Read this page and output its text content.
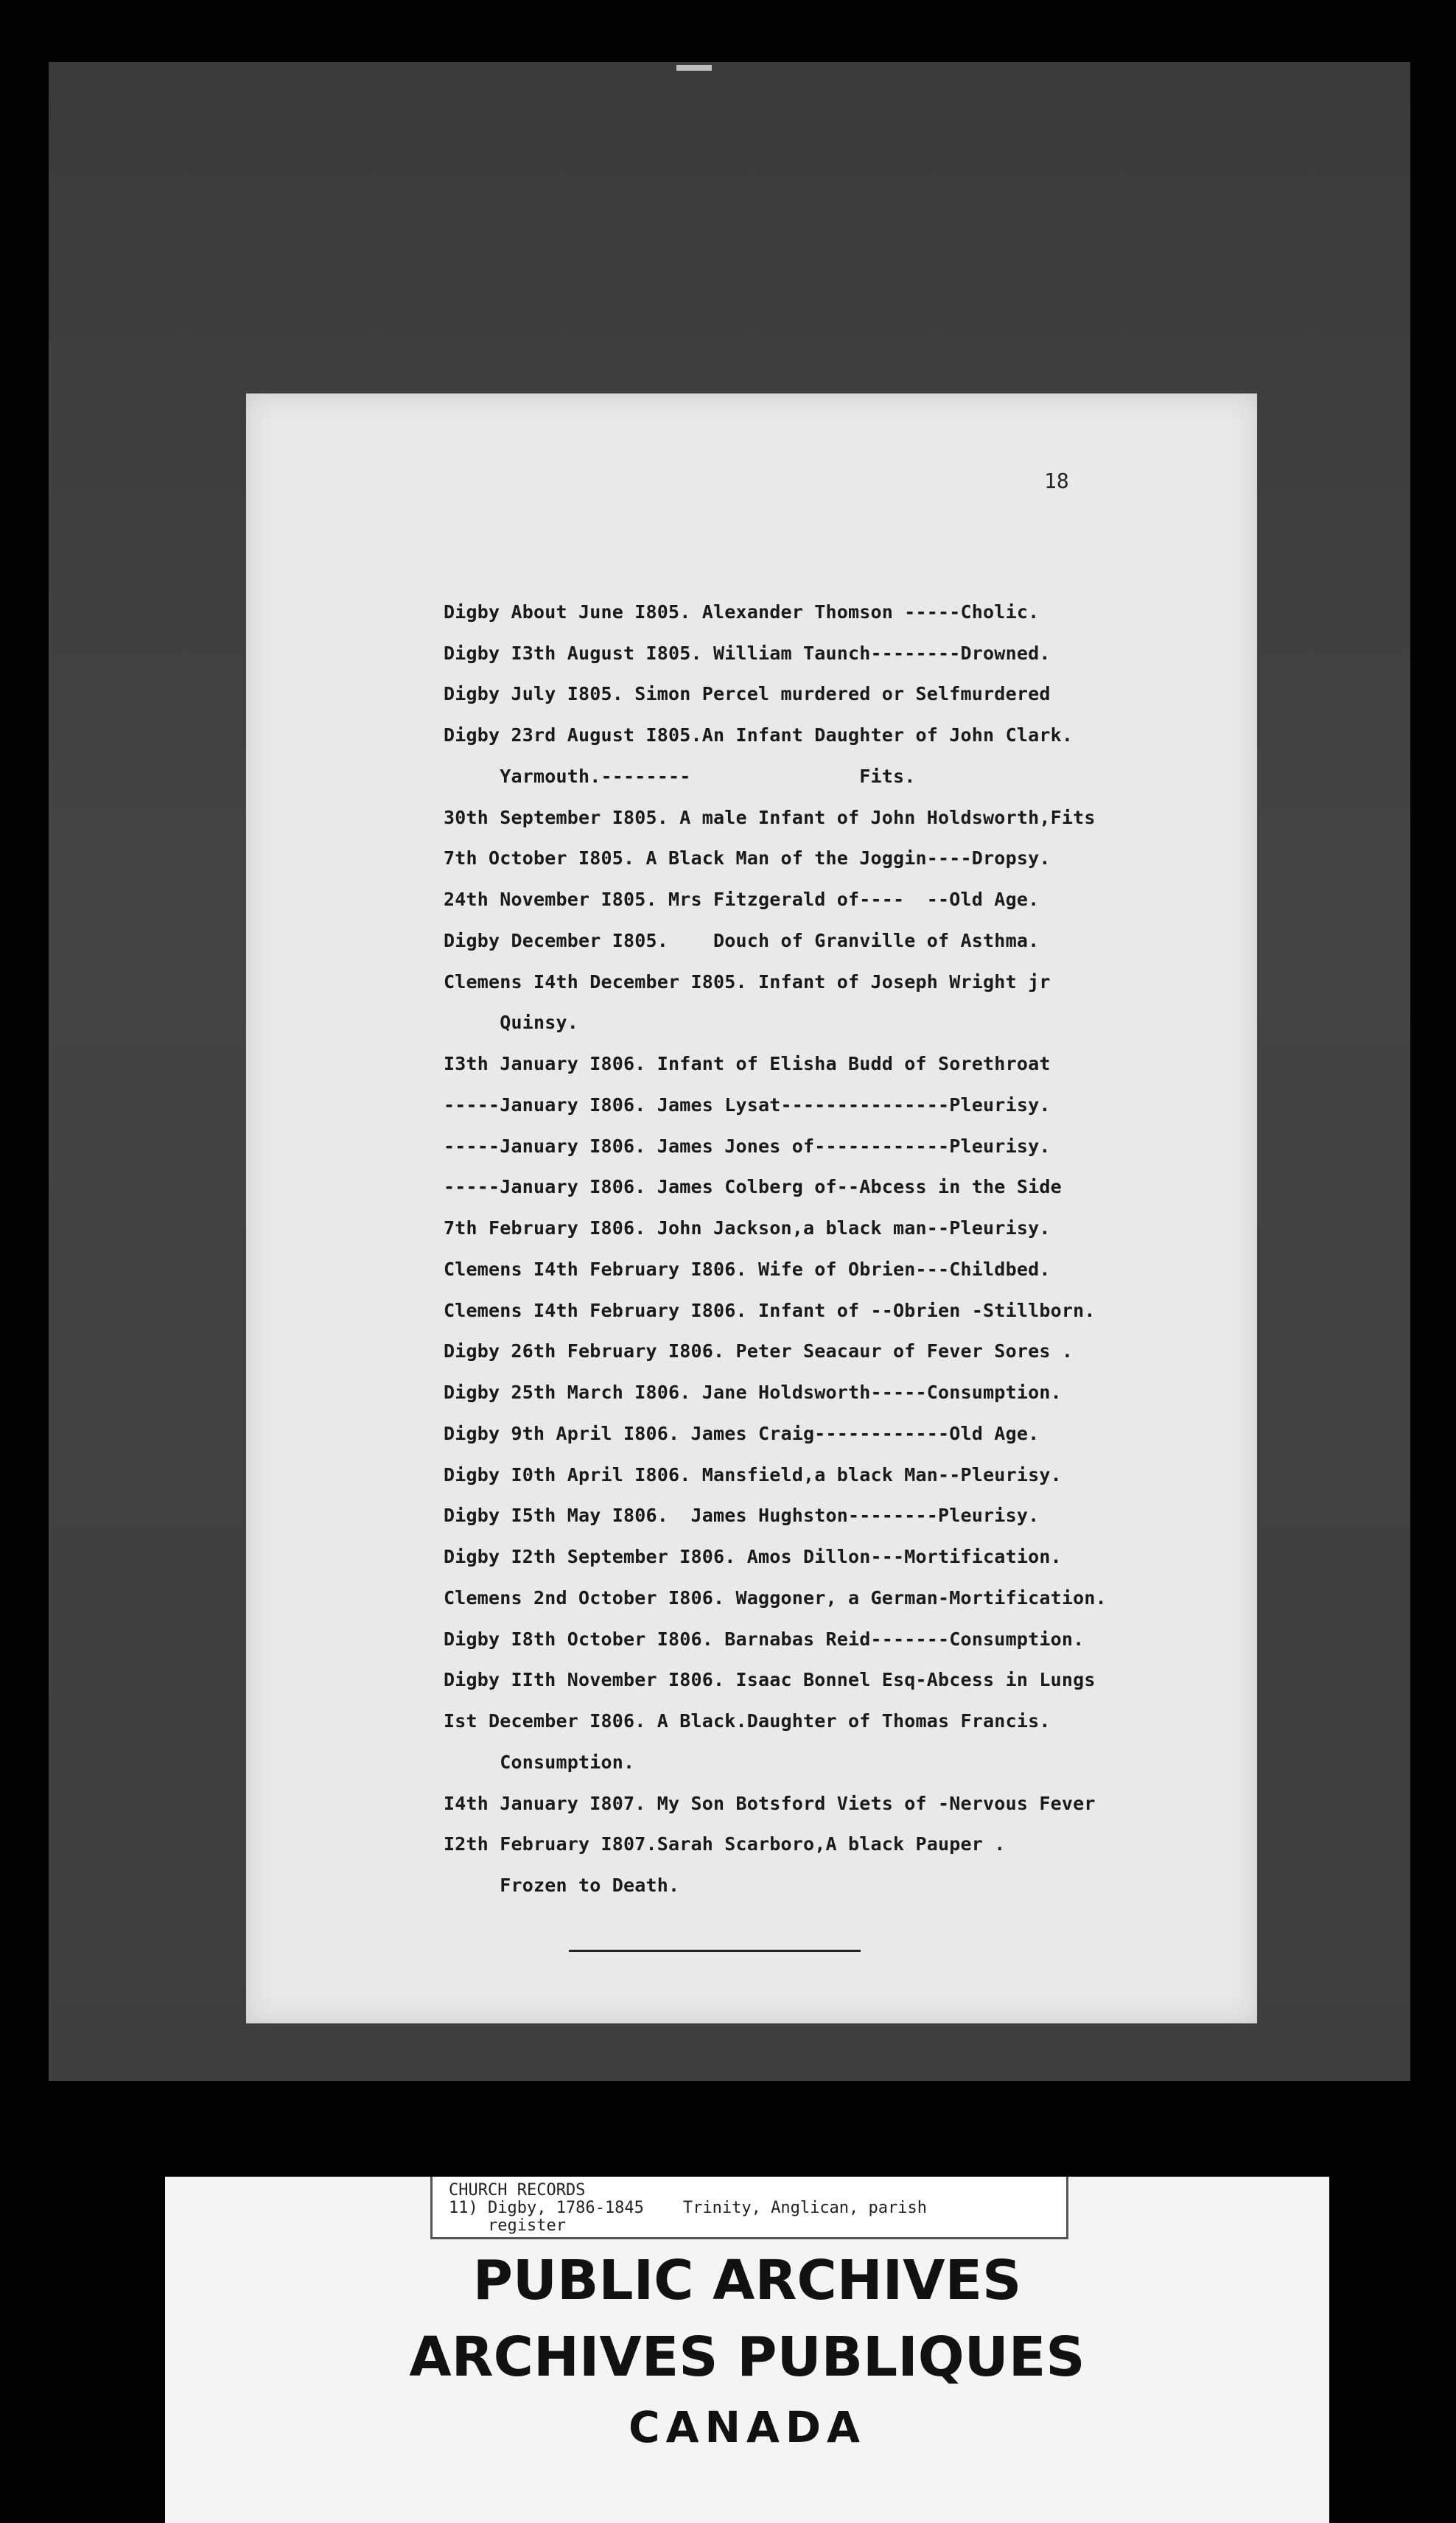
18
Digby About June I805. Alexander Thomson -----Cholic.
Digby I3th August I805. William Taunch--------Drowned.
Digby July I805. Simon Percel murdered or Selfmurdered
Digby 23rd August I805.An Infant Daughter of John Clark.
Yarmouth.--------               Fits.
30th September I805. A male Infant of John Holdsworth,Fits
7th October I805. A Black Man of the Joggin----Dropsy.
24th November I805. Mrs Fitzgerald of----  --Old Age.
Digby December I805.    Douch of Granville of Asthma.
Clemens I4th December I805. Infant of Joseph Wright jr
Quinsy.
I3th January I806. Infant of Elisha Budd of Sorethroat
-----January I806. James Lysat---------------Pleurisy.
-----January I806. James Jones of------------Pleurisy.
-----January I806. James Colberg of--Abcess in the Side
7th February I806. John Jackson,a black man--Pleurisy.
Clemens I4th February I806. Wife of Obrien---Childbed.
Clemens I4th February I806. Infant of --Obrien -Stillborn.
Digby 26th February I806. Peter Seacaur of Fever Sores .
Digby 25th March I806. Jane Holdsworth-----Consumption.
Digby 9th April I806. James Craig------------Old Age.
Digby I0th April I806. Mansfield,a black Man--Pleurisy.
Digby I5th May I806.  James Hughston--------Pleurisy.
Digby I2th September I806. Amos Dillon---Mortification.
Clemens 2nd October I806. Waggoner, a German-Mortification.
Digby I8th October I806. Barnabas Reid-------Consumption.
Digby IIth November I806. Isaac Bonnel Esq-Abcess in Lungs
Ist December I806. A Black.Daughter of Thomas Francis.
Consumption.
I4th January I807. My Son Botsford Viets of -Nervous Fever
I2th February I807.Sarah Scarboro,A black Pauper .
Frozen to Death.
CHURCH RECORDS
11) Digby, 1786-1845    Trinity, Anglican, parish
register
PUBLIC ARCHIVES
ARCHIVES PUBLIQUES
CANADA
